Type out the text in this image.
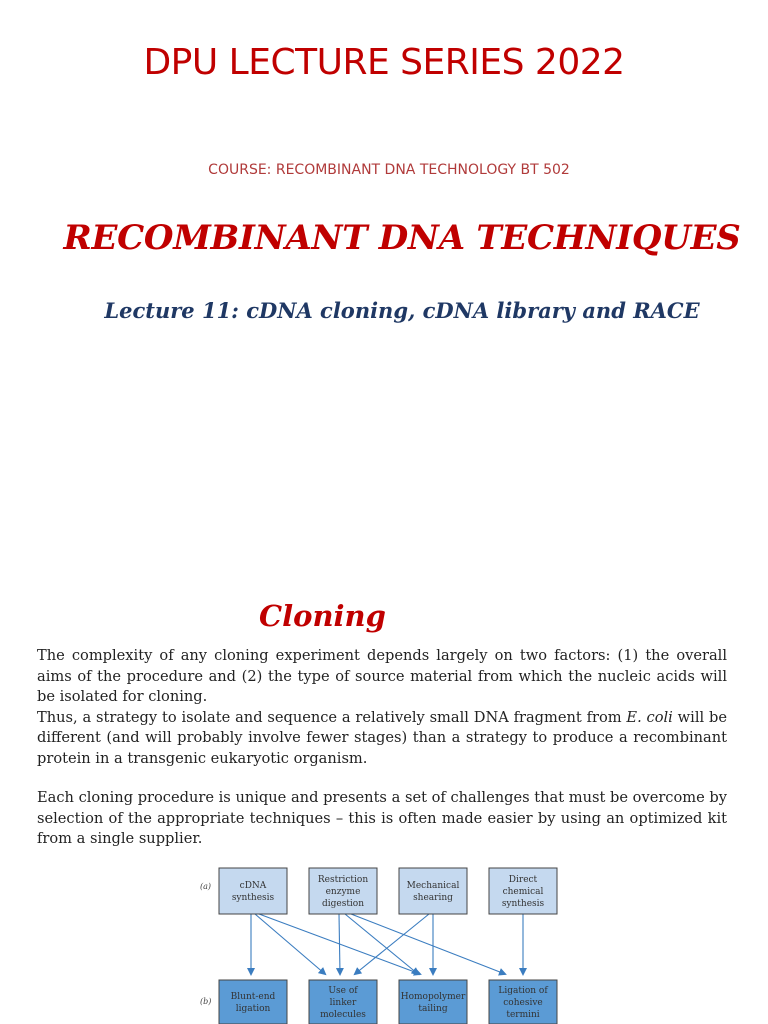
DPU LECTURE SERIES 2022
COURSE: RECOMBINANT DNA TECHNOLOGY BT 502
RECOMBINANT DNA TECHNIQUES
Lecture 11: cDNA cloning, cDNA library and RACE
Cloning
The complexity of any cloning experiment depends largely on two factors: (1) the overall aims of the procedure and (2) the type of source material from which the nucleic acids will be isolated for cloning.
Thus, a strategy to isolate and sequence a relatively small DNA fragment from E. coli will be different (and will probably involve fewer stages) than a strategy to produce a recombinant protein in a transgenic eukaryotic organism.
Each cloning procedure is unique and presents a set of challenges that must be overcome by selection of the appropriate techniques – this is often made easier by using an optimized kit from a single supplier.
(a)
(b)
cDNA
synthesis
Restriction
enzyme
digestion
Mechanical
shearing
Direct
chemical
synthesis
Blunt-end
ligation
Use of
linker
molecules
Homopolymer
tailing
Ligation of
cohesive
termini
